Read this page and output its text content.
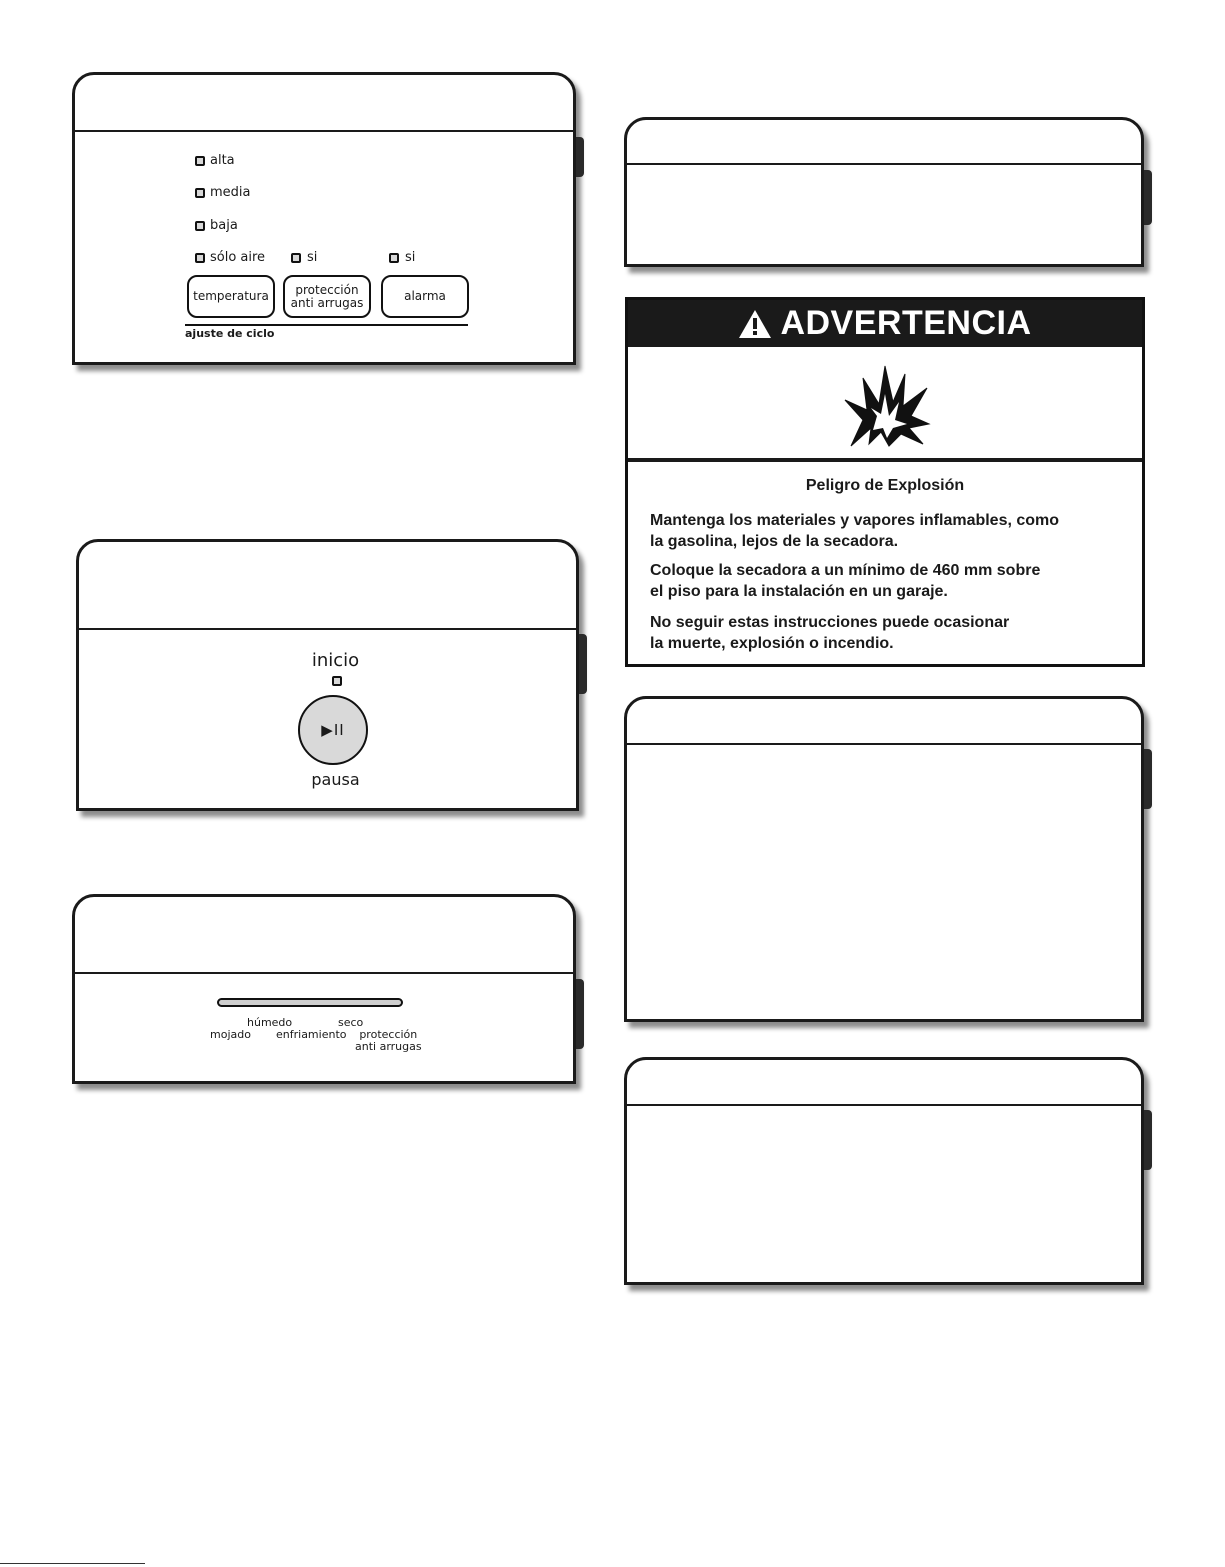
alta
media
baja
sólo aire	si	si
temperatura	protección
anti arrugas	alarma
ajuste de ciclo
inicio
▶II
pausa
húmedo	seco
mojado enfriamiento	protección
anti arrugas
ADVERTENCIA
Peligro de Explosión
Mantenga los materiales y vapores inflamables, como
la gasolina, lejos de la secadora.
Coloque la secadora a un mínimo de 460 mm sobre
el piso para la instalación en un garaje.
No seguir estas instrucciones puede ocasionar
la muerte, explosión o incendio.
